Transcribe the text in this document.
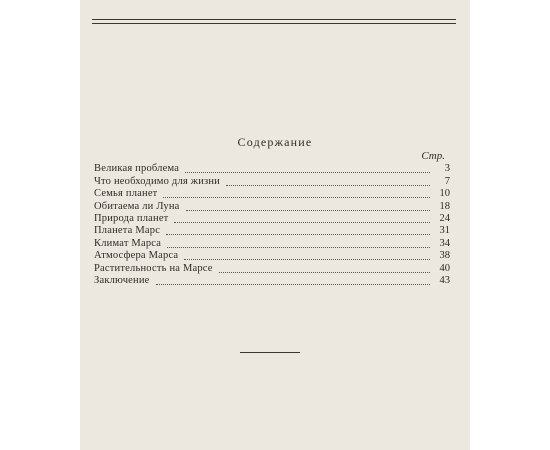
Содержание
Стр.
Великая проблема	3
Что необходимо для жизни	7
Семья планет	10
Обитаема ли Луна	18
Природа планет	24
Планета Марс	31
Климат Марса	34
Атмосфера Марса	38
Растительность на Марсе	40
Заключение	43
